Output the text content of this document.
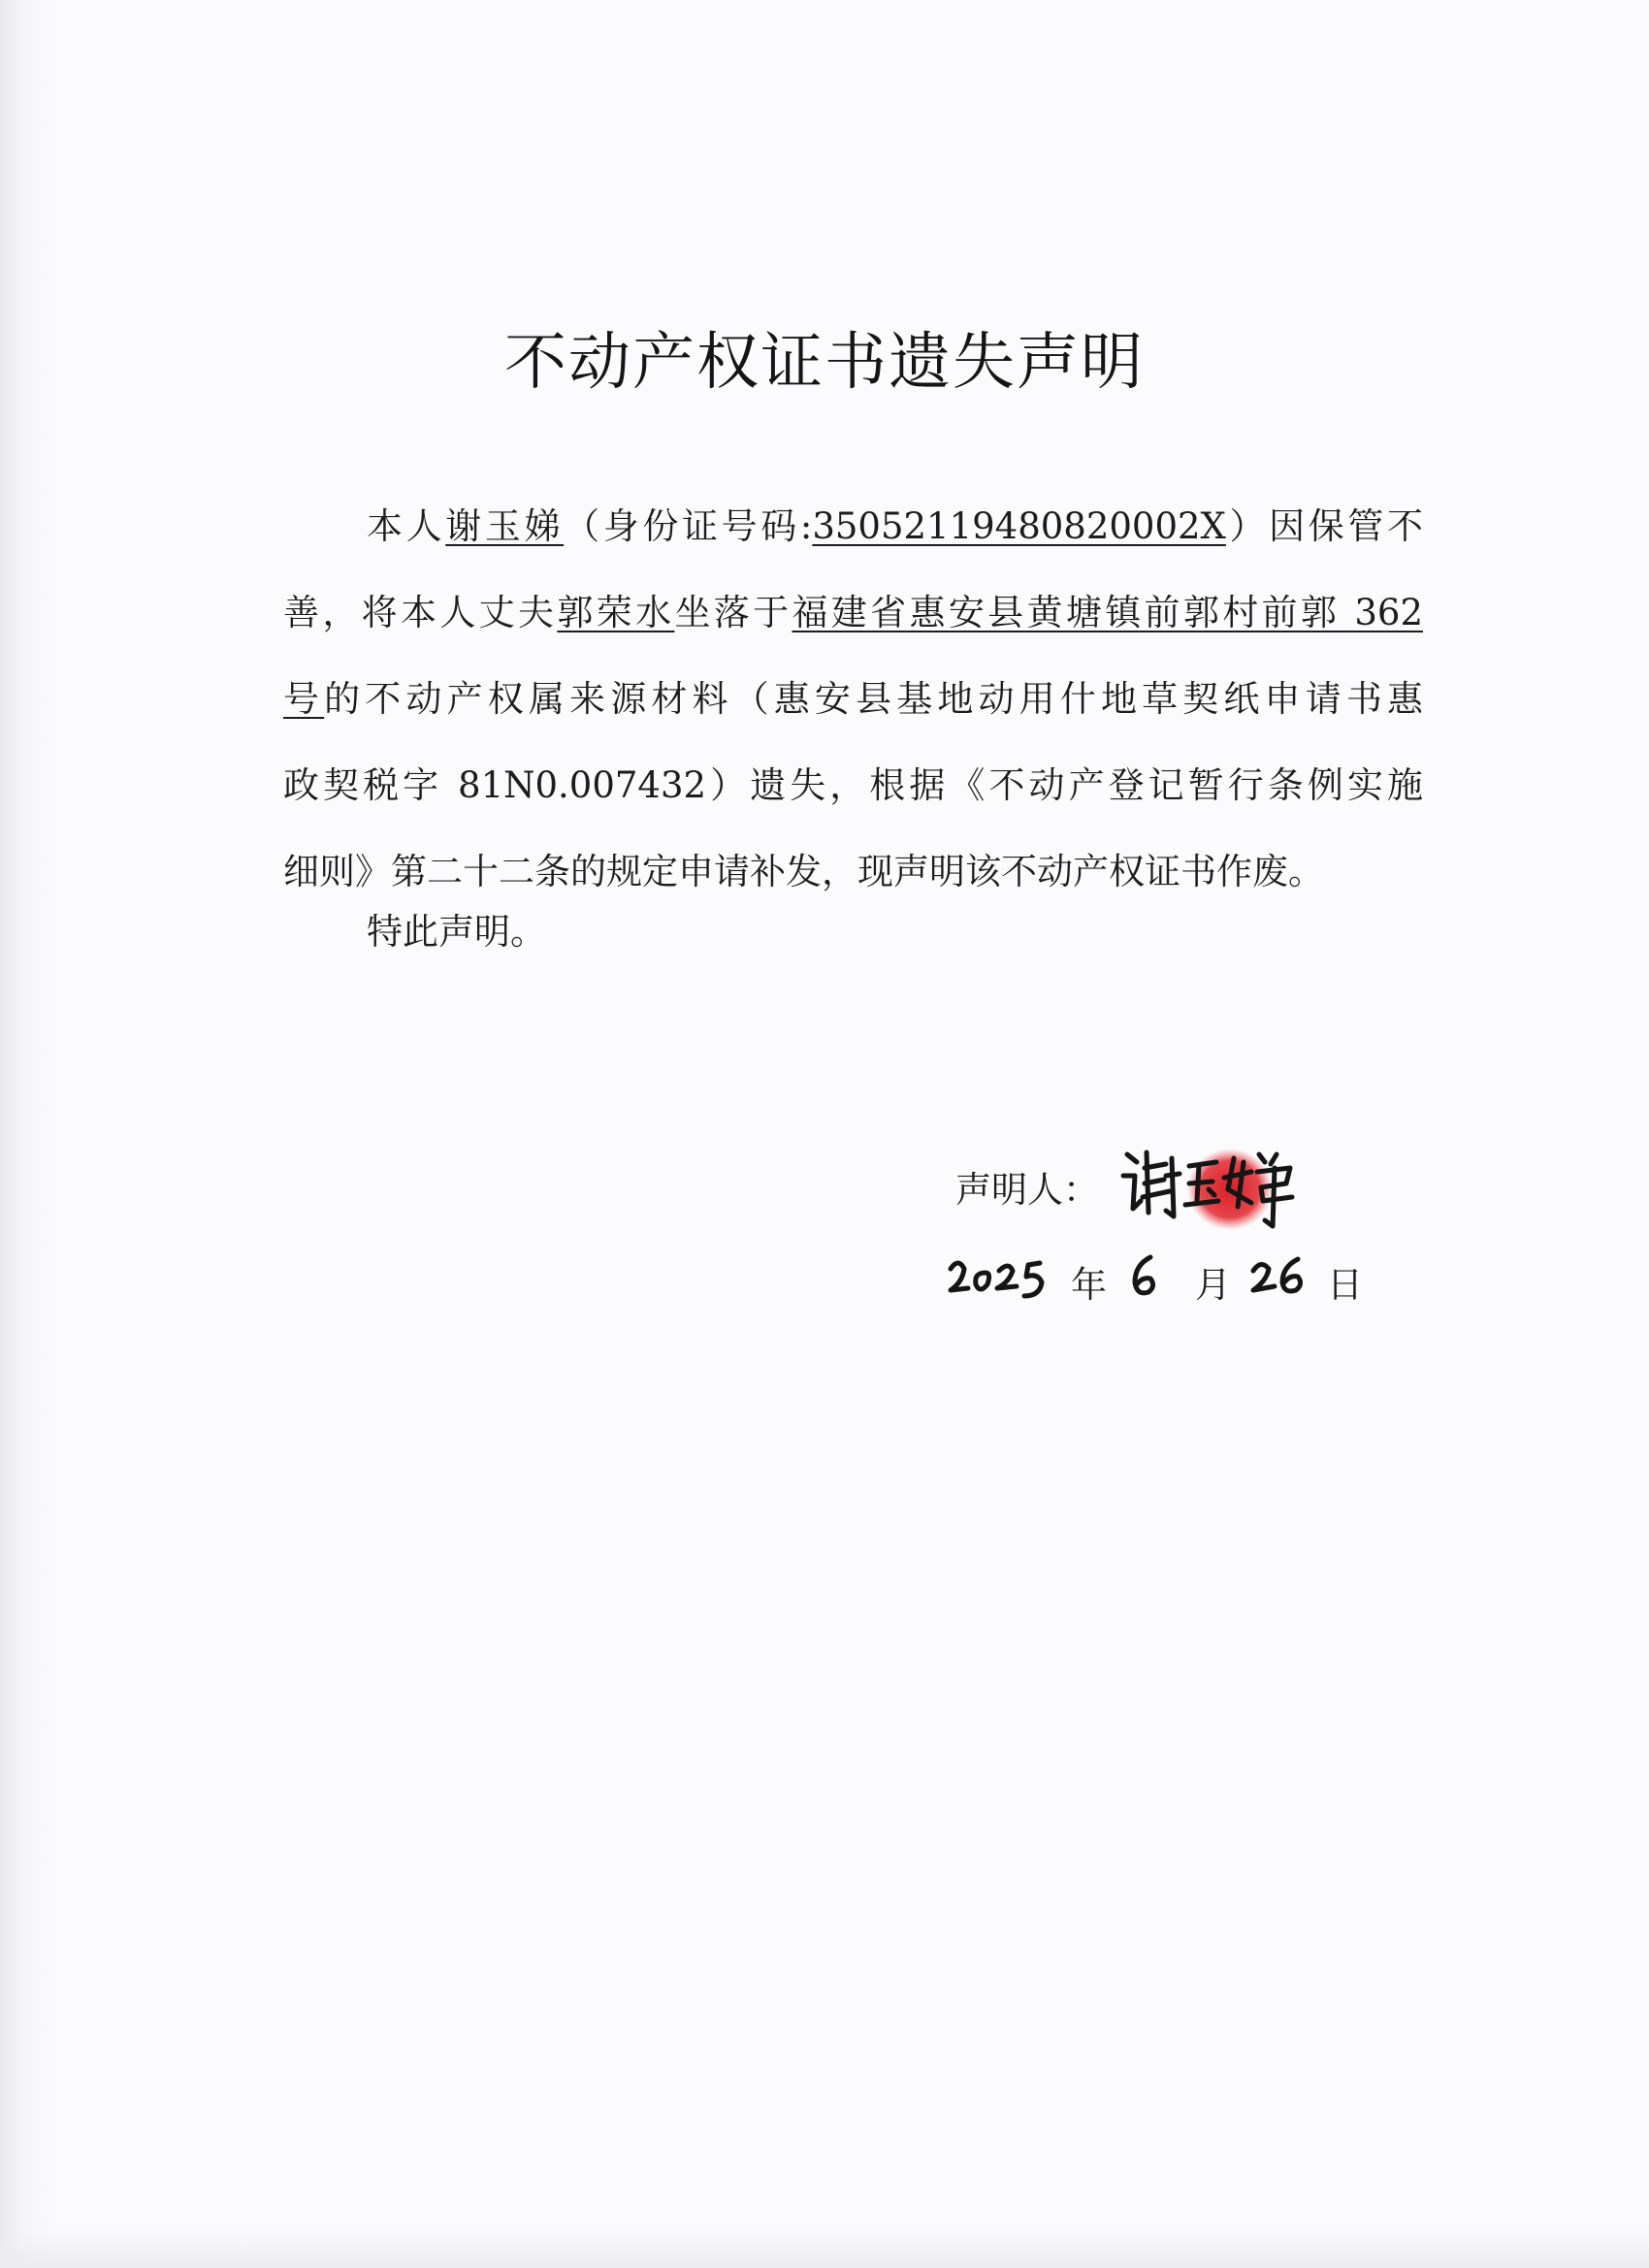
不动产权证书遗失声明
本人谢玉娣（身份证号码:35052119480820002X）因保管不
善，将本人丈夫郭荣水坐落于福建省惠安县黄塘镇前郭村前郭 362
号的不动产权属来源材料（惠安县基地动用什地草契纸申请书惠
政契税字 81N0.007432）遗失，根据《不动产登记暂行条例实施
细则》第二十二条的规定申请补发，现声明该不动产权证书作废。
特此声明。
声明人：
年 月	日
